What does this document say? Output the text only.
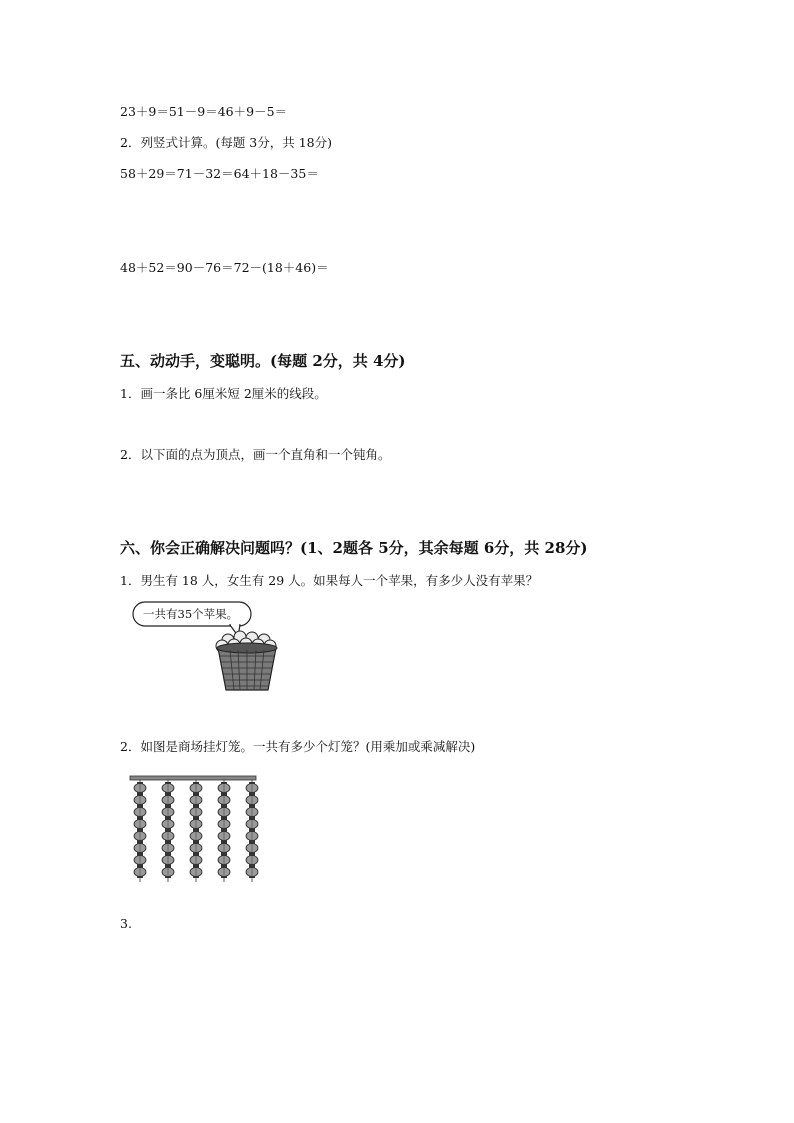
23＋9＝51－9＝46＋9－5＝
2．列竖式计算。(每题 3分，共 18分)
58＋29＝71－32＝64＋18－35＝
48＋52＝90－76＝72－(18＋46)＝
五、动动手，变聪明。(每题 2分，共 4分)
1．画一条比 6厘米短 2厘米的线段。
2．以下面的点为顶点，画一个直角和一个钝角。
六、你会正确解决问题吗？(1、2题各 5分，其余每题 6分，共 28分)
1．男生有 18 人，女生有 29 人。如果每人一个苹果，有多少人没有苹果？
一共有35个苹果。
2．如图是商场挂灯笼。一共有多少个灯笼？(用乘加或乘减解决)
3.
